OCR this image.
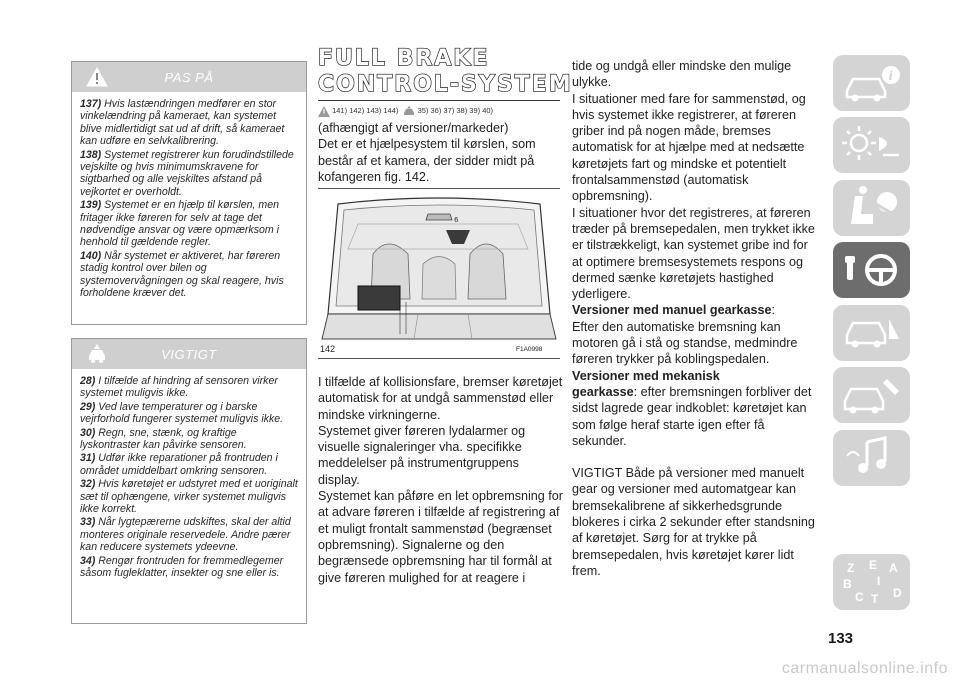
PAS PÅ

137) Hvis lastændringen medfører en stor vinkelændring på kameraet, kan systemet blive midlertidigt sat ud af drift, så kameraet kan udføre en selvkalibrering.

138) Systemet registrerer kun forudindstillede vejskilte og hvis minimumskravene for sigtbarhed og alle vejskiltes afstand på vejkortet er overholdt.

139) Systemet er en hjælp til kørslen, men fritager ikke føreren for selv at tage det nødvendige ansvar og være opmærksom i henhold til gældende regler.

140) Når systemet er aktiveret, har føreren stadig kontrol over bilen og systemovervågningen og skal reagere, hvis forholdene kræver det.

VIGTIGT

28) I tilfælde af hindring af sensoren virker systemet muligvis ikke.

29) Ved lave temperaturer og i barske vejrforhold fungerer systemet muligvis ikke.

30) Regn, sne, stænk, og kraftige lyskontraster kan påvirke sensoren.

31) Udfør ikke reparationer på frontruden i området umiddelbart omkring sensoren.

32) Hvis køretøjet er udstyret med et uoriginalt sæt til ophængene, virker systemet muligvis ikke korrekt.

33) Når lygtepærerne udskiftes, skal der altid monteres originale reservedele. Andre pærer kan reducere systemets ydeevne.

34) Rengør frontruden for fremmedlegemer såsom fugleklatter, insekter og sne eller is.

FULL BRAKE
CONTROL-SYSTEM
141) 142) 143) 144)	35) 36) 37) 38) 39) 40)
(afhængigt af versioner/markeder)
Det er et hjælpesystem til kørslen, som består af et kamera, der sidder midt på kofangeren fig. 142.
6
142	F1A0998

I tilfælde af kollisionsfare, bremser køretøjet automatisk for at undgå sammenstød eller mindske virkningerne.

Systemet giver føreren lydalarmer og visuelle signaleringer vha. specifikke meddelelser på instrumentgruppens display.

Systemet kan påføre en let opbremsning for at advare føreren i tilfælde af registrering af et muligt frontalt sammenstød (begrænset opbremsning). Signalerne og den begrænsede opbremsning har til formål at give føreren mulighed for at reagere i

tide og undgå eller mindske den mulige ulykke.

I situationer med fare for sammenstød, og hvis systemet ikke registrerer, at føreren griber ind på nogen måde, bremses automatisk for at hjælpe med at nedsætte køretøjets fart og mindske et potentielt frontalsammenstød (automatisk opbremsning).

I situationer hvor det registreres, at føreren træder på bremsepedalen, men trykket ikke er tilstrækkeligt, kan systemet gribe ind for at optimere bremsesystemets respons og dermed sænke køretøjets hastighed yderligere.

Versioner med manuel gearkasse:

Efter den automatiske bremsning kan motoren gå i stå og standse, medmindre føreren trykker på koblingspedalen.

Versioner med mekanisk

gearkasse: efter bremsningen forbliver det sidst lagrede gear indkoblet: køretøjet kan som følge heraf starte igen efter få sekunder.

VIGTIGT Både på versioner med manuelt gear og versioner med automatgear kan bremsekalibrene af sikkerhedsgrunde blokeres i cirka 2 sekunder efter standsning af køretøjet. Sørg for at trykke på bremsepedalen, hvis køretøjet kører lidt frem.

i
Z E A
B I
C T D
133
carmanualsonline.info
